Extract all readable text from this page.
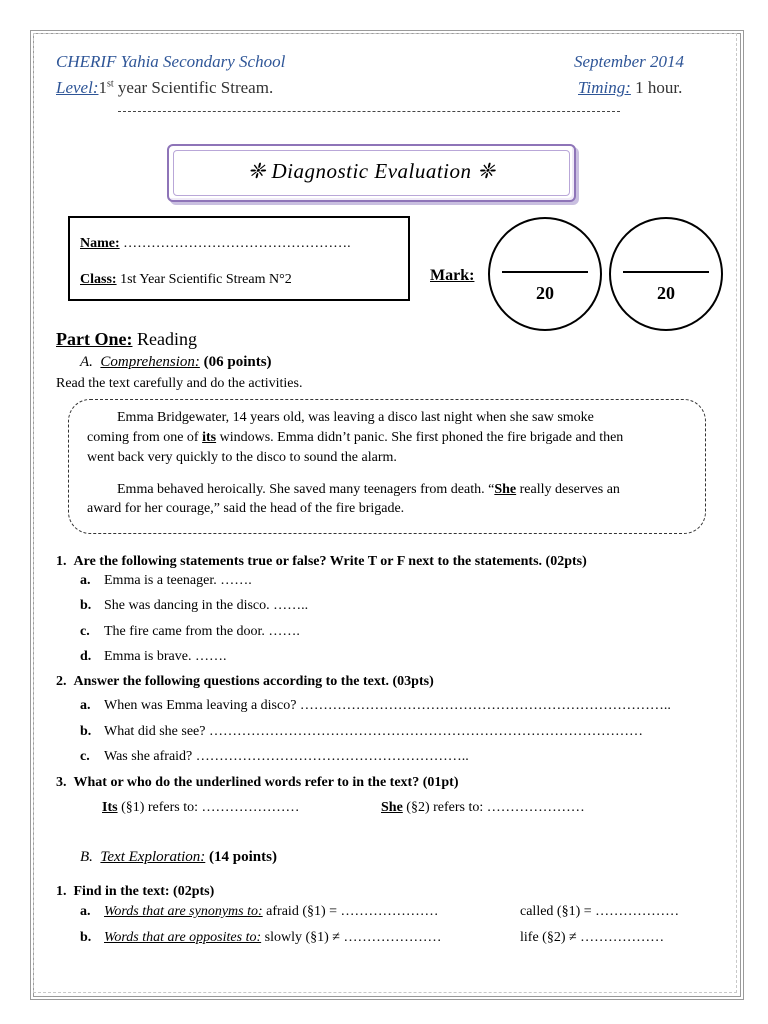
CHERIF Yahia Secondary School	September 2014
Level:1st year Scientific Stream.	Timing: 1 hour.
❈ Diagnostic Evaluation ❈
Name: ………………………………………….
Class: 1st Year Scientific Stream N°2	Mark:
20	20
Part One: Reading
A. Comprehension: (06 points)
Read the text carefully and do the activities.
Emma Bridgewater, 14 years old, was leaving a disco last night when she saw smoke
coming from one of its windows. Emma didn’t panic. She first phoned the fire brigade and then
went back very quickly to the disco to sound the alarm.
Emma behaved heroically. She saved many teenagers from death. “She really deserves an
award for her courage,” said the head of the fire brigade.
1. Are the following statements true or false? Write T or F next to the statements. (02pts)
a. Emma is a teenager. …….
b. She was dancing in the disco. ……..
c. The fire came from the door. …….
d. Emma is brave. …….
2. Answer the following questions according to the text. (03pts)
a. When was Emma leaving a disco? ……………………………………………………………………..
b. What did she see? …………………………………………………………………………………
c. Was she afraid? …………………………………………………..
3. What or who do the underlined words refer to in the text? (01pt)
Its (§1) refers to: …………………	She (§2) refers to: …………………
B. Text Exploration: (14 points)
1. Find in the text: (02pts)
a. Words that are synonyms to: afraid (§1) = …………………	called (§1) = ………………
b. Words that are opposites to: slowly (§1) ≠ …………………	life (§2) ≠ ………………
